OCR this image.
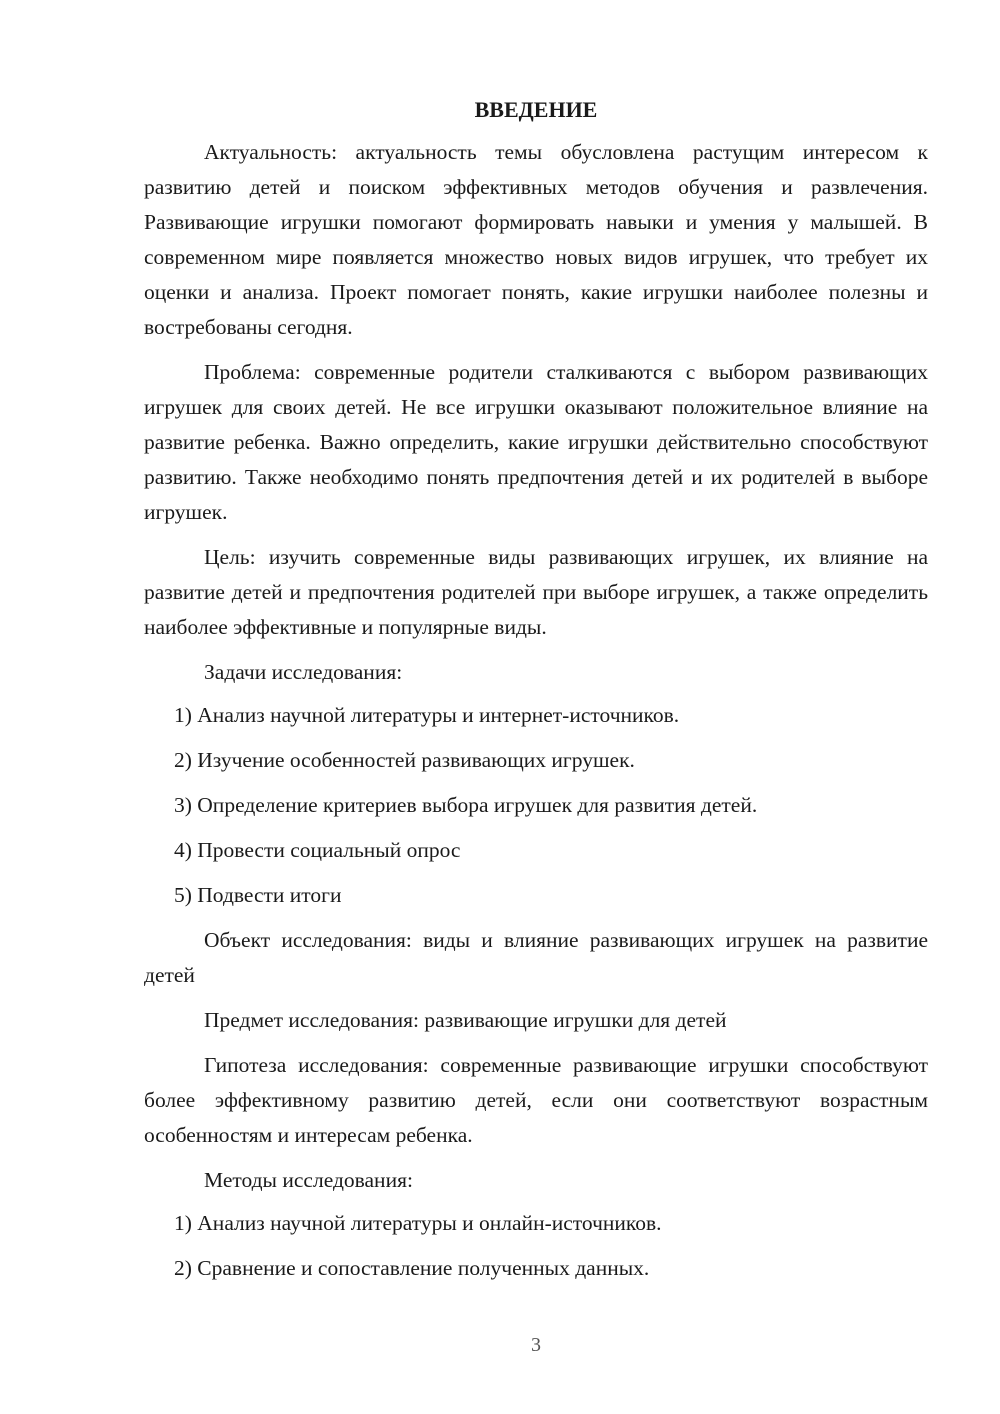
ВВЕДЕНИЕ

Актуальность: актуальность темы обусловлена растущим интересом к развитию детей и поиском эффективных методов обучения и развлечения. Развивающие игрушки помогают формировать навыки и умения у малышей. В современном мире появляется множество новых видов игрушек, что требует их оценки и анализа. Проект помогает понять, какие игрушки наиболее полезны и востребованы сегодня.

Проблема: современные родители сталкиваются с выбором развивающих игрушек для своих детей. Не все игрушки оказывают положительное влияние на развитие ребенка. Важно определить, какие игрушки действительно способствуют развитию. Также необходимо понять предпочтения детей и их родителей в выборе игрушек.

Цель: изучить современные виды развивающих игрушек, их влияние на развитие детей и предпочтения родителей при выборе игрушек, а также определить наиболее эффективные и популярные виды.

Задачи исследования:

1) Анализ научной литературы и интернет-источников.
2) Изучение особенностей развивающих игрушек.
3) Определение критериев выбора игрушек для развития детей.
4) Провести социальный опрос
5) Подвести итоги

Объект исследования: виды и влияние развивающих игрушек на развитие детей

Предмет исследования: развивающие игрушки для детей

Гипотеза исследования: современные развивающие игрушки способствуют более эффективному развитию детей, если они соответствуют возрастным особенностям и интересам ребенка.

Методы исследования:

1) Анализ научной литературы и онлайн-источников.
2) Сравнение и сопоставление полученных данных.
3
